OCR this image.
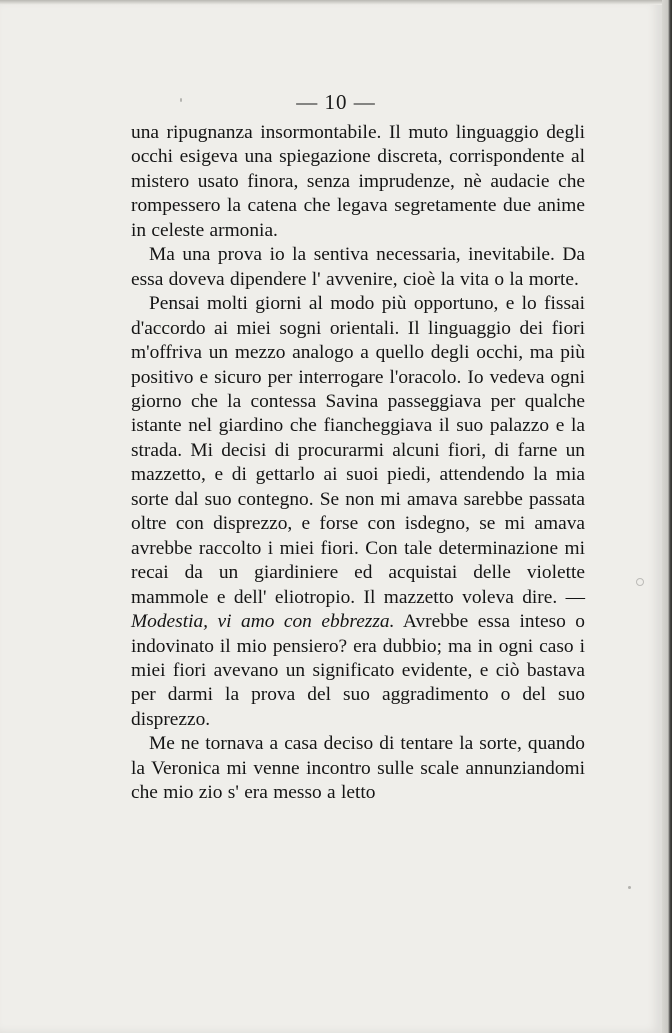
— 10 —

una ripugnanza insormontabile. Il muto linguaggio degli occhi esigeva una spiegazione discreta, corrispondente al mistero usato finora, senza imprudenze, nè audacie che rompessero la catena che legava segretamente due anime in celeste armonia.

Ma una prova io la sentiva necessaria, inevitabile. Da essa doveva dipendere l' avvenire, cioè la vita o la morte.

Pensai molti giorni al modo più opportuno, e lo fissai d'accordo ai miei sogni orientali. Il linguaggio dei fiori m'offriva un mezzo analogo a quello degli occhi, ma più positivo e sicuro per interrogare l'oracolo. Io vedeva ogni giorno che la contessa Savina passeggiava per qualche istante nel giardino che fiancheggiava il suo palazzo e la strada. Mi decisi di procurarmi alcuni fiori, di farne un mazzetto, e di gettarlo ai suoi piedi, attendendo la mia sorte dal suo contegno. Se non mi amava sarebbe passata oltre con disprezzo, e forse con isdegno, se mi amava avrebbe raccolto i miei fiori. Con tale determinazione mi recai da un giardiniere ed acquistai delle violette mammole e dell' eliotropio. Il mazzetto voleva dire. — Modestia, vi amo con ebbrezza. Avrebbe essa inteso o indovinato il mio pensiero? era dubbio; ma in ogni caso i miei fiori avevano un significato evidente, e ciò bastava per darmi la prova del suo aggradimento o del suo disprezzo.

Me ne tornava a casa deciso di tentare la sorte, quando la Veronica mi venne incontro sulle scale annunziandomi che mio zio s' era messo a letto
